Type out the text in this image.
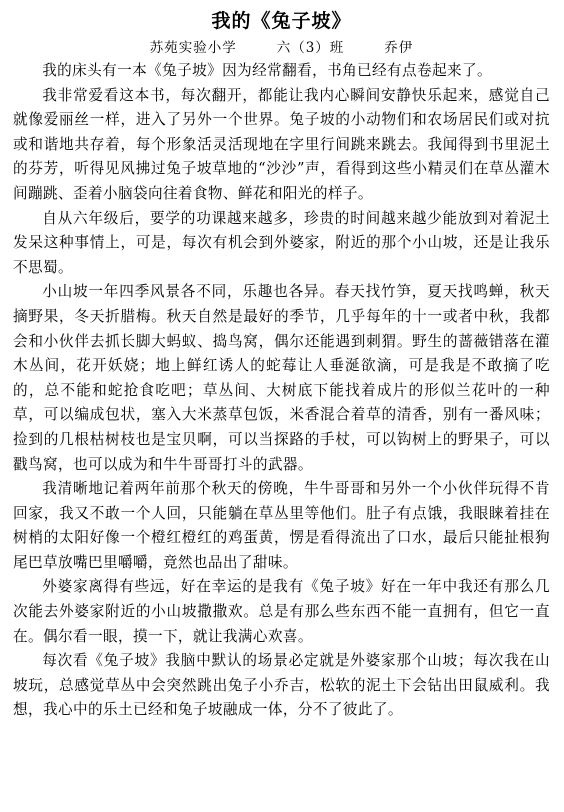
我的《兔子坡》
苏苑实验小学	六（3）班	乔伊

我的床头有一本《兔子坡》因为经常翻看，书角已经有点卷起来了。

我非常爱看这本书，每次翻开，都能让我内心瞬间安静快乐起来，感觉自己就像爱丽丝一样，进入了另外一个世界。兔子坡的小动物们和农场居民们或对抗或和谐地共存着，每个形象活灵活现地在字里行间跳来跳去。我闻得到书里泥土的芬芳，听得见风拂过兔子坡草地的“沙沙”声，看得到这些小精灵们在草丛灌木间蹦跳、歪着小脑袋向往着食物、鲜花和阳光的样子。

自从六年级后，要学的功课越来越多，珍贵的时间越来越少能放到对着泥土发呆这种事情上，可是，每次有机会到外婆家，附近的那个小山坡，还是让我乐不思蜀。

小山坡一年四季风景各不同，乐趣也各异。春天找竹笋，夏天找鸣蝉，秋天摘野果，冬天折腊梅。秋天自然是最好的季节，几乎每年的十一或者中秋，我都会和小伙伴去抓长脚大蚂蚁、捣鸟窝，偶尔还能遇到刺猬。野生的蔷薇错落在灌木丛间，花开妖娆；地上鲜红诱人的蛇莓让人垂涎欲滴，可是我是不敢摘了吃的，总不能和蛇抢食吃吧；草丛间、大树底下能找着成片的形似兰花叶的一种草，可以编成包状，塞入大米蒸草包饭，米香混合着草的清香，别有一番风味；捡到的几根枯树枝也是宝贝啊，可以当探路的手杖，可以钩树上的野果子，可以戳鸟窝，也可以成为和牛牛哥哥打斗的武器。

我清晰地记着两年前那个秋天的傍晚，牛牛哥哥和另外一个小伙伴玩得不肯回家，我又不敢一个人回，只能躺在草丛里等他们。肚子有点饿，我眼睐着挂在树梢的太阳好像一个橙红橙红的鸡蛋黄，愣是看得流出了口水，最后只能扯根狗尾巴草放嘴巴里嚼嚼，竟然也品出了甜味。

外婆家离得有些远，好在幸运的是我有《兔子坡》好在一年中我还有那么几次能去外婆家附近的小山坡撒撒欢。总是有那么些东西不能一直拥有，但它一直在。偶尔看一眼，摸一下，就让我满心欢喜。

每次看《兔子坡》我脑中默认的场景必定就是外婆家那个山坡；每次我在山坡玩，总感觉草丛中会突然跳出兔子小乔吉，松软的泥土下会钻出田鼠威利。我想，我心中的乐土已经和兔子坡融成一体，分不了彼此了。
